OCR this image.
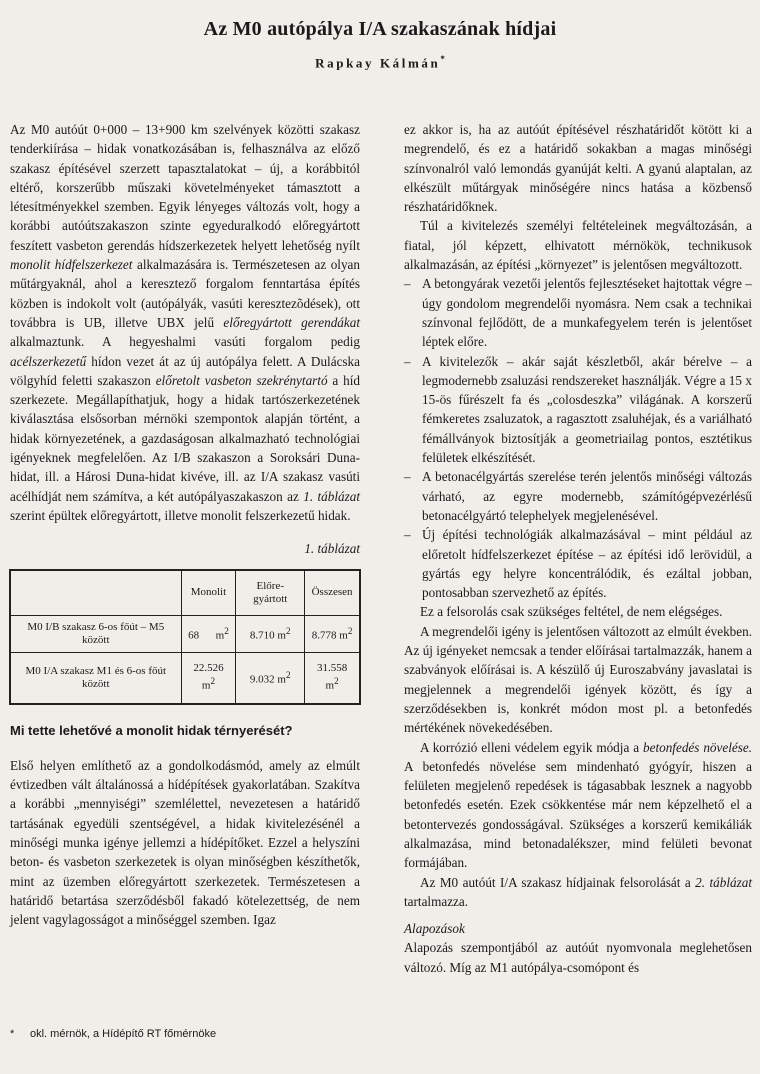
Az M0 autópálya I/A szakaszának hídjai
Rapkay Kálmán*

Az M0 autóút 0+000 – 13+900 km szelvények közötti szakasz tenderkiírása – hidak vonatkozásában is, felhasználva az előző szakasz építésével szerzett tapasztalatokat – új, a korábbitól eltérő, korszerűbb műszaki követelményeket támasztott a létesítményekkel szemben. Egyik lényeges változás volt, hogy a korábbi autóútszakaszon szinte egyeduralkodó előregyártott feszített vasbeton gerendás hídszerkezetek helyett lehetőség nyílt monolit hídfelszerkezet alkalmazására is. Természetesen az olyan műtárgyaknál, ahol a keresztező forgalom fenntartása építés közben is indokolt volt (autópályák, vasúti keresztezõdések), ott továbbra is UB, illetve UBX jelű előregyártott gerendákat alkalmaztunk. A hegyeshalmi vasúti forgalom pedig acélszerkezetű hídon vezet át az új autópálya felett. A Dulácska völgyhíd feletti szakaszon előretolt vasbeton szekrénytartó a híd szerkezete. Megállapíthatjuk, hogy a hidak tartószerkezetének kiválasztása elsősorban mérnöki szempontok alapján történt, a hidak környezetének, a gazdaságosan alkalmazható technológiai igényeknek megfelelően. Az I/B szakaszon a Soroksári Duna-hidat, ill. a Hárosi Duna-hidat kivéve, ill. az I/A szakasz vasúti acélhídját nem számítva, a két autópályaszakaszon az 1. táblázat szerint épültek előregyártott, illetve monolit felszerkezetű hidak.

1. táblázat

	Monolit	Előre-gyártott	Összesen
M0 I/B szakasz 6-os főút – M5 között	68 $m^2$	8.710 $m^2$	8.778 $m^2$
M0 I/A szakasz M1 és 6-os főút között	22.526 $m^2$	9.032 $m^2$	31.558 $m^2$

Mi tette lehetővé a monolit hidak térnyerését?

Első helyen említhető az a gondolkodásmód, amely az elmúlt évtizedben vált általánossá a hídépítések gyakorlatában. Szakítva a korábbi „mennyiségi” szemlélettel, nevezetesen a határidő tartásának egyedüli szentségével, a hidak kivitelezésénél a minőségi munka igénye jellemzi a hídépítőket. Ezzel a helyszíni beton- és vasbeton szerkezetek is olyan minőségben készíthetők, mint az üzemben előregyártott szerkezetek. Természetesen a határidő betartása szerződésből fakadó kötelezettség, de nem jelent vagylagosságot a minőséggel szemben. Igaz

ez akkor is, ha az autóút építésével részhatáridőt kötött ki a megrendelő, és ez a határidő sokakban a magas minőségi színvonalról való lemondás gyanúját kelti. A gyanú alaptalan, az elkészült műtárgyak minőségére nincs hatása a közbenső részhatáridőknek.

Túl a kivitelezés személyi feltételeinek megváltozásán, a fiatal, jól képzett, elhivatott mérnökök, technikusok alkalmazásán, az építési „környezet” is jelentősen megváltozott.

– A betongyárak vezetői jelentős fejlesztéseket hajtottak végre – úgy gondolom megrendelői nyomásra. Nem csak a technikai színvonal fejlődött, de a munkafegyelem terén is jelentőset léptek előre.
– A kivitelezők – akár saját készletből, akár bérelve – a legmodernebb zsaluzási rendszereket használják. Végre a 15 x 15-ös fűrészelt fa és „colosdeszka” világának. A korszerű fémkeretes zsaluzatok, a ragasztott zsaluhéjak, és a variálható fémállványok biztosítják a geometriailag pontos, esztétikus felületek elkészítését.
– A betonacélgyártás szerelése terén jelentős minőségi változás várható, az egyre modernebb, számítógépvezérlésű betonacélgyártó telephelyek megjelenésével.
– Új építési technológiák alkalmazásával – mint például az előretolt hídfelszerkezet építése – az építési idő lerövidül, a gyártás egy helyre koncentrálódik, és ezáltal jobban, pontosabban szervezhető az építés.

Ez a felsorolás csak szükséges feltétel, de nem elégséges.

A megrendelői igény is jelentősen változott az elmúlt években. Az új igényeket nemcsak a tender előírásai tartalmazzák, hanem a szabványok előírásai is. A készülő új Euroszabvány javaslatai is megjelennek a megrendelői igények között, és így a szerződésekben is, konkrét módon most pl. a betonfedés mértékének növekedésében.

A korrózió elleni védelem egyik módja a betonfedés növelése. A betonfedés növelése sem mindenható gyógyír, hiszen a felületen megjelenő repedések is tágasabbak lesznek a nagyobb betonfedés esetén. Ezek csökkentése már nem képzelhető el a betontervezés gondosságával. Szükséges a korszerű kemikáliák alkalmazása, mind betonadalékszer, mind felületi bevonat formájában.

Az M0 autóút I/A szakasz hídjainak felsorolását a 2. táblázat tartalmazza.

Alapozások

Alapozás szempontjából az autóút nyomvonala meglehetősen változó. Míg az M1 autópálya-csomópont és

* okl. mérnök, a Hídépítő RT főmérnöke
